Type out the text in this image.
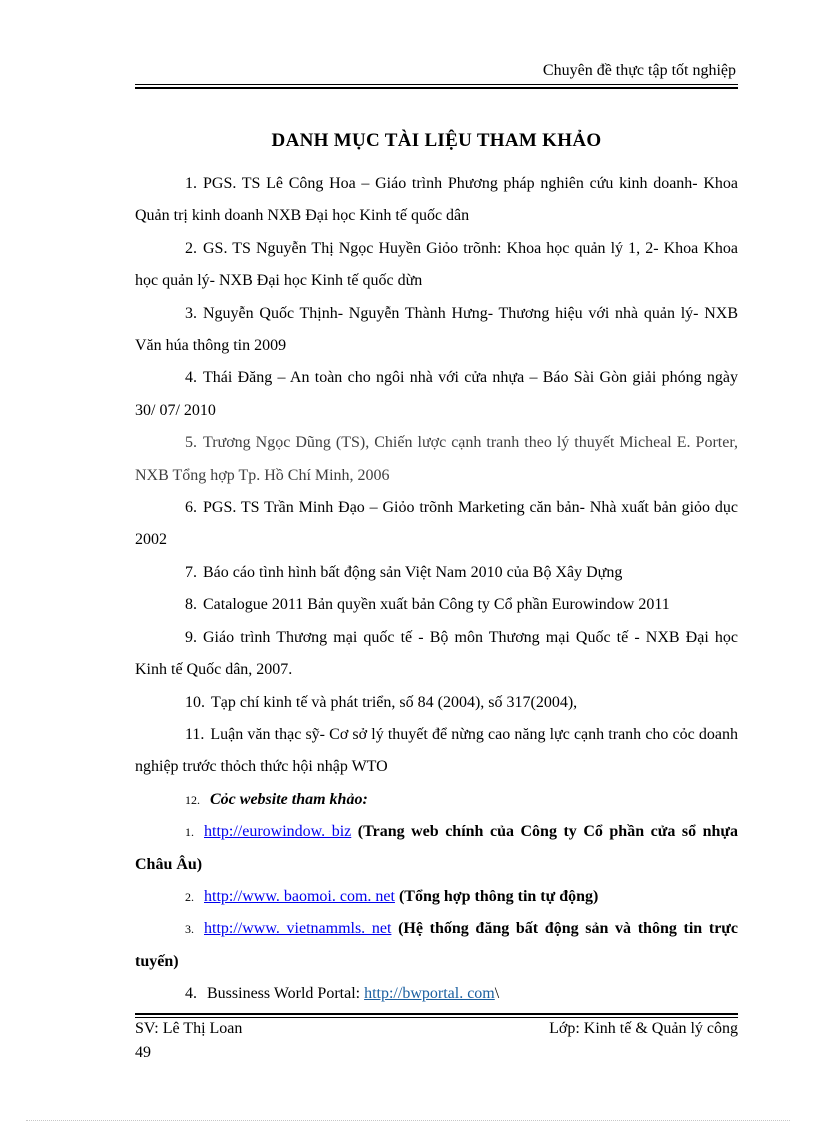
Chuyên đề thực tập tốt nghiệp
DANH MỤC TÀI LIỆU THAM KHẢO

1. PGS. TS Lê Công Hoa – Giáo trình Phương pháp nghiên cứu kinh doanh- Khoa Quản trị kinh doanh NXB Đại học Kinh tế quốc dân

2. GS. TS Nguyễn Thị Ngọc Huyền Giỏo trõnh: Khoa học quản lý 1, 2- Khoa Khoa học quản lý- NXB Đại học Kinh tế quốc dừn

3. Nguyễn Quốc Thịnh- Nguyễn Thành Hưng- Thương hiệu với nhà quản lý- NXB Văn húa thông tin 2009

4. Thái Đăng – An toàn cho ngôi nhà với cửa nhựa – Báo Sài Gòn giải phóng ngày 30/ 07/ 2010

5. Trương Ngọc Dũng (TS), Chiến lược cạnh tranh theo lý thuyết Micheal E. Porter, NXB Tổng hợp Tp. Hồ Chí Minh, 2006

6. PGS. TS Trần Minh Đạo – Giỏo trõnh Marketing căn bản- Nhà xuất bản giỏo dục 2002

7. Báo cáo tình hình bất động sản Việt Nam 2010 của Bộ Xây Dựng

8. Catalogue 2011 Bản quyền xuất bản Công ty Cổ phần Eurowindow 2011

9. Giáo trình Thương mại quốc tế - Bộ môn Thương mại Quốc tế - NXB Đại học Kinh tế Quốc dân, 2007.

10. Tạp chí kinh tế và phát triển, số 84 (2004), số 317(2004),

11. Luận văn thạc sỹ- Cơ sở lý thuyết để nừng cao năng lực cạnh tranh cho cỏc doanh nghiệp trước thỏch thức hội nhập WTO

12. Cỏc website tham khảo:

1. http://eurowindow. biz (Trang web chính của Công ty Cổ phần cửa sổ nhựa Châu Âu)

2. http://www. baomoi. com. net (Tổng hợp thông tin tự động)

3. http://www. vietnammls. net (Hệ thống đăng bất động sản và thông tin trực tuyến)

4. Bussiness World Portal: http://bwportal. com\

SV: Lê Thị Loan	Lớp: Kinh tế & Quản lý công
49
